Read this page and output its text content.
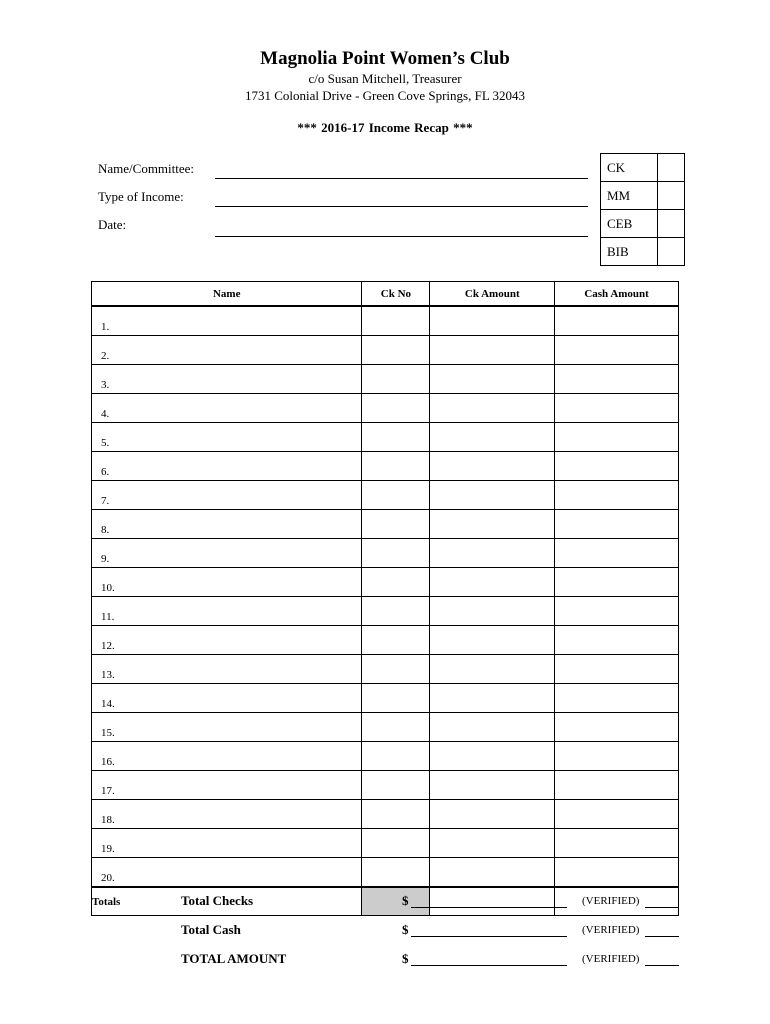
Magnolia Point Women’s Club
c/o Susan Mitchell, Treasurer
1731 Colonial Drive - Green Cove Springs, FL 32043
*** 2016-17 Income Recap ***
Name/Committee:
Type of Income:
Date:
CK	
MM	
CEB	
BIB	
Name	Ck No	Ck Amount	Cash Amount
1.			
2.			
3.			
4.			
5.			
6.			
7.			
8.			
9.			
10.			
11.			
12.			
13.			
14.			
15.			
16.			
17.			
18.			
19.			
20.			
Totals				Total Checks	$	(VERIFIED)
Total Cash	$	(VERIFIED)
TOTAL AMOUNT	$	(VERIFIED)
